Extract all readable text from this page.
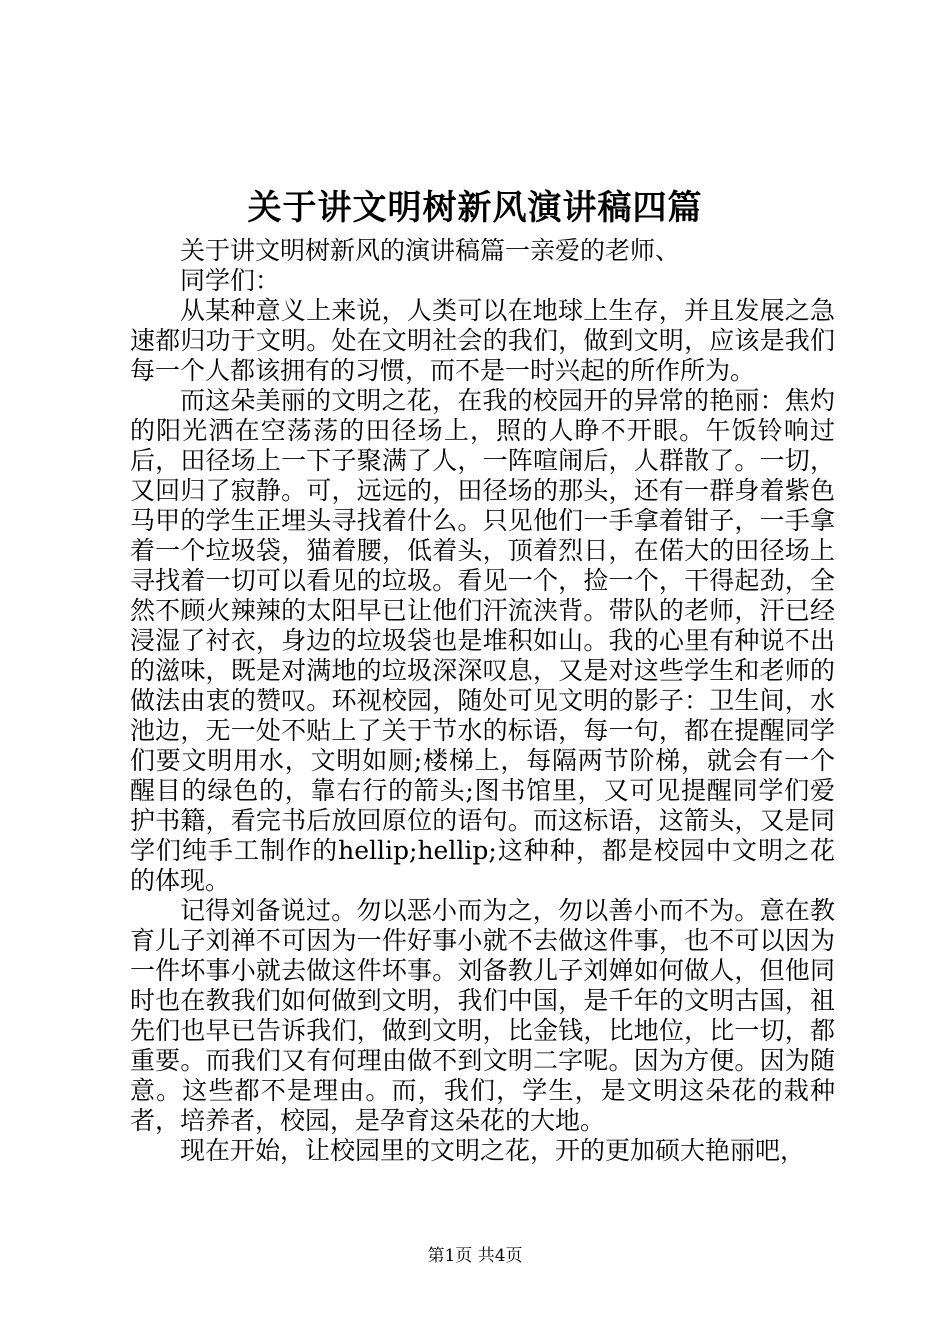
关于讲文明树新风演讲稿四篇

关于讲文明树新风的演讲稿篇一亲爱的老师、

同学们：

从某种意义上来说，人类可以在地球上生存，并且发展之急速都归功于文明。处在文明社会的我们，做到文明，应该是我们每一个人都该拥有的习惯，而不是一时兴起的所作所为。

而这朵美丽的文明之花，在我的校园开的异常的艳丽：焦灼的阳光洒在空荡荡的田径场上，照的人睁不开眼。午饭铃响过后，田径场上一下子聚满了人，一阵喧闹后，人群散了。一切，又回归了寂静。可，远远的，田径场的那头，还有一群身着紫色马甲的学生正埋头寻找着什么。只见他们一手拿着钳子，一手拿着一个垃圾袋，猫着腰，低着头，顶着烈日，在偌大的田径场上寻找着一切可以看见的垃圾。看见一个，捡一个，干得起劲，全然不顾火辣辣的太阳早已让他们汗流浃背。带队的老师，汗已经浸湿了衬衣，身边的垃圾袋也是堆积如山。我的心里有种说不出的滋味，既是对满地的垃圾深深叹息，又是对这些学生和老师的做法由衷的赞叹。环视校园，随处可见文明的影子：卫生间，水池边，无一处不贴上了关于节水的标语，每一句，都在提醒同学们要文明用水，文明如厕;楼梯上，每隔两节阶梯，就会有一个醒目的绿色的，靠右行的箭头;图书馆里，又可见提醒同学们爱护书籍，看完书后放回原位的语句。而这标语，这箭头，又是同学们纯手工制作的hellip;hellip;这种种，都是校园中文明之花的体现。

记得刘备说过。勿以恶小而为之，勿以善小而不为。意在教育儿子刘禅不可因为一件好事小就不去做这件事，也不可以因为一件坏事小就去做这件坏事。刘备教儿子刘婵如何做人，但他同时也在教我们如何做到文明，我们中国，是千年的文明古国，祖先们也早已告诉我们，做到文明，比金钱，比地位，比一切，都重要。而我们又有何理由做不到文明二字呢。因为方便。因为随意。这些都不是理由。而，我们，学生，是文明这朵花的栽种者，培养者，校园，是孕育这朵花的大地。

现在开始，让校园里的文明之花，开的更加硕大艳丽吧，

第1页 共4页
